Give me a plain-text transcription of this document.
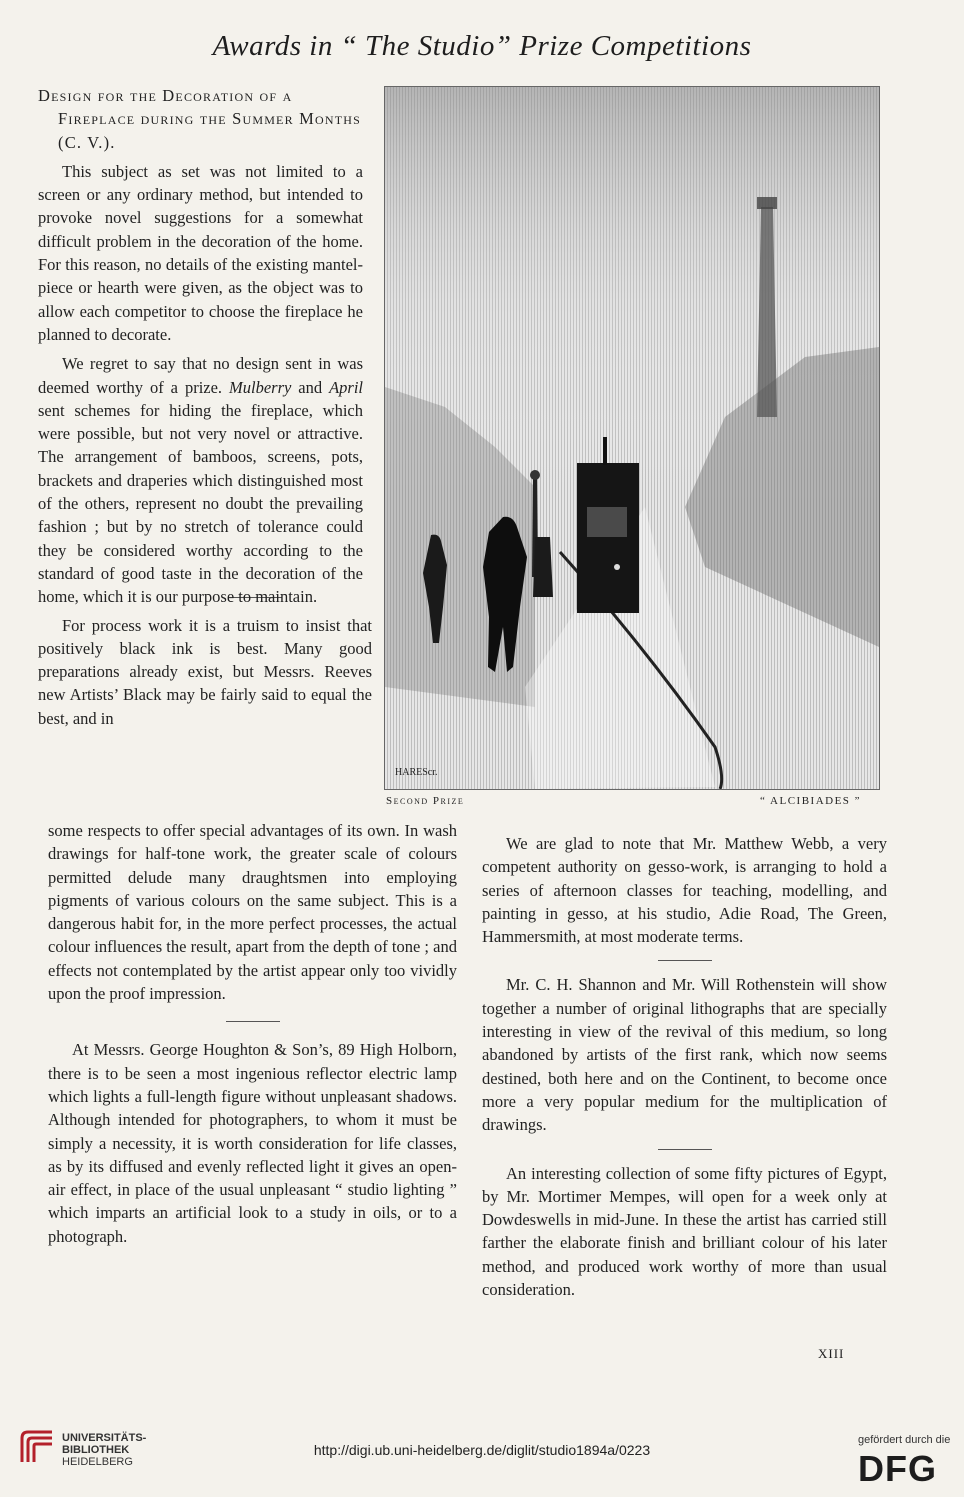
Awards in “ The Studio” Prize Competitions

Design for the Decoration of a Fireplace during the Summer Months (C. V.).

This subject as set was not limited to a screen or any ordinary method, but intended to provoke novel suggestions for a somewhat difficult problem in the decoration of the home. For this reason, no details of the existing mantel-piece or hearth were given, as the object was to allow each competitor to choose the fireplace he planned to decorate.

We regret to say that no design sent in was deemed worthy of a prize. Mulberry and April sent schemes for hiding the fireplace, which were possible, but not very novel or attractive. The arrangement of bamboos, screens, pots, brackets and draperies which distinguished most of the others, represent no doubt the prevailing fashion ; but by no stretch of tolerance could they be considered worthy according to the standard of good taste in the decoration of the home, which it is our purpose to maintain.

For process work it is a truism to insist that positively black ink is best. Many good preparations already exist, but Messrs. Reeves new Artists’ Black may be fairly said to equal the best, and in

HAREScr.
Second Prize	“ ALCIBIADES ”

some respects to offer special advantages of its own. In wash drawings for half-tone work, the greater scale of colours permitted delude many draughtsmen into employing pigments of various colours on the same subject. This is a dangerous habit for, in the more perfect processes, the actual colour influences the result, apart from the depth of tone ; and effects not contemplated by the artist appear only too vividly upon the proof impression.

At Messrs. George Houghton & Son’s, 89 High Holborn, there is to be seen a most ingenious reflector electric lamp which lights a full-length figure without unpleasant shadows. Although intended for photographers, to whom it must be simply a necessity, it is worth consideration for life classes, as by its diffused and evenly reflected light it gives an open-air effect, in place of the usual unpleasant “ studio lighting ” which imparts an artificial look to a study in oils, or to a photograph.

We are glad to note that Mr. Matthew Webb, a very competent authority on gesso-work, is arranging to hold a series of afternoon classes for teaching, modelling, and painting in gesso, at his studio, Adie Road, The Green, Hammersmith, at most moderate terms.

Mr. C. H. Shannon and Mr. Will Rothenstein will show together a number of original lithographs that are specially interesting in view of the revival of this medium, so long abandoned by artists of the first rank, which now seems destined, both here and on the Continent, to become once more a very popular medium for the multiplication of drawings.

An interesting collection of some fifty pictures of Egypt, by Mr. Mortimer Mempes, will open for a week only at Dowdeswells in mid-June. In these the artist has carried still farther the elaborate finish and brilliant colour of his later method, and produced work worthy of more than usual consideration.

XIII
UNIVERSITÄTS-
BIBLIOTHEK
HEIDELBERG
http://digi.ub.uni-heidelberg.de/diglit/studio1894a/0223
gefördert durch die
DFG
